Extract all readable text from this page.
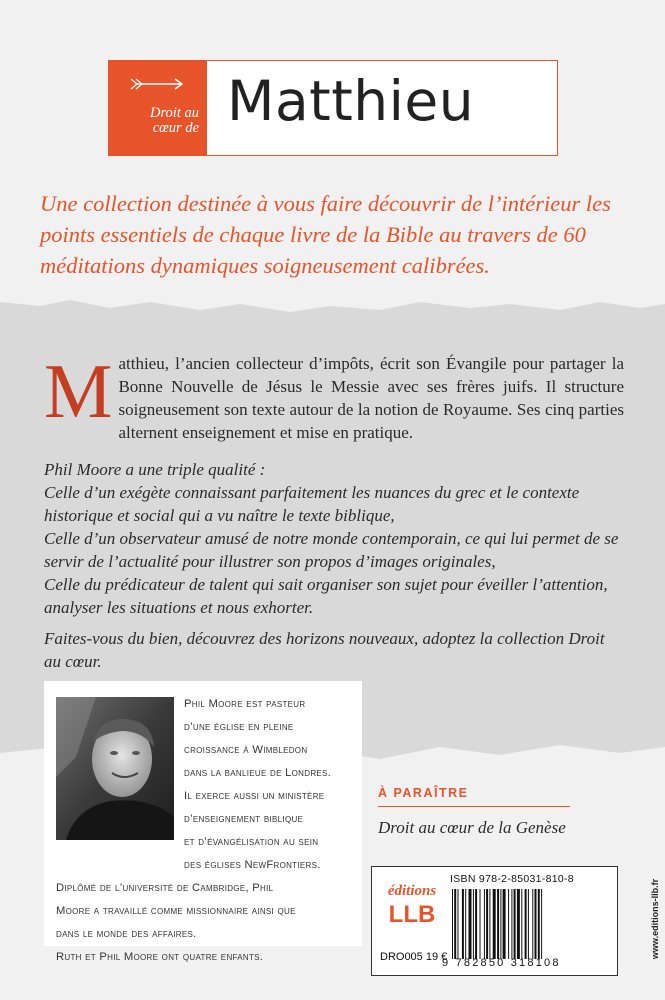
Droit au cœur de Matthieu
Une collection destinée à vous faire découvrir de l’intérieur les points essentiels de chaque livre de la Bible au travers de 60 méditations dynamiques soigneusement calibrées.
M atthieu, l’ancien collecteur d’impôts, écrit son Évangile pour partager la Bonne Nouvelle de Jésus le Messie avec ses frères juifs. Il structure soigneusement son texte autour de la notion de Royaume. Ses cinq parties alternent enseignement et mise en pratique.
Phil Moore a une triple qualité :
Celle d’un exégète connaissant parfaitement les nuances du grec et le contexte historique et social qui a vu naître le texte biblique,
Celle d’un observateur amusé de notre monde contemporain, ce qui lui permet de se servir de l’actualité pour illustrer son propos d’images originales,
Celle du prédicateur de talent qui sait organiser son sujet pour éveiller l’attention, analyser les situations et nous exhorter.
Faites-vous du bien, découvrez des horizons nouveaux, adoptez la collection Droit au cœur.
Phil Moore est pasteur
d’une église en pleine
croissance à Wimbledon
dans la banlieue de Londres.
Il exerce aussi un ministère
d’enseignement biblique
et d’évangélisation au sein
des églises NewFrontiers.
Diplômé de l’université de Cambridge, Phil
Moore a travaillé comme missionnaire ainsi que
dans le monde des affaires.
Ruth et Phil Moore ont quatre enfants.
À PARAÎTRE
Droit au cœur de la Genèse
éditions
LLB
DRO005 19 €
ISBN 978-2-85031-810-8
9 782850 318108
www.editions-llb.fr
